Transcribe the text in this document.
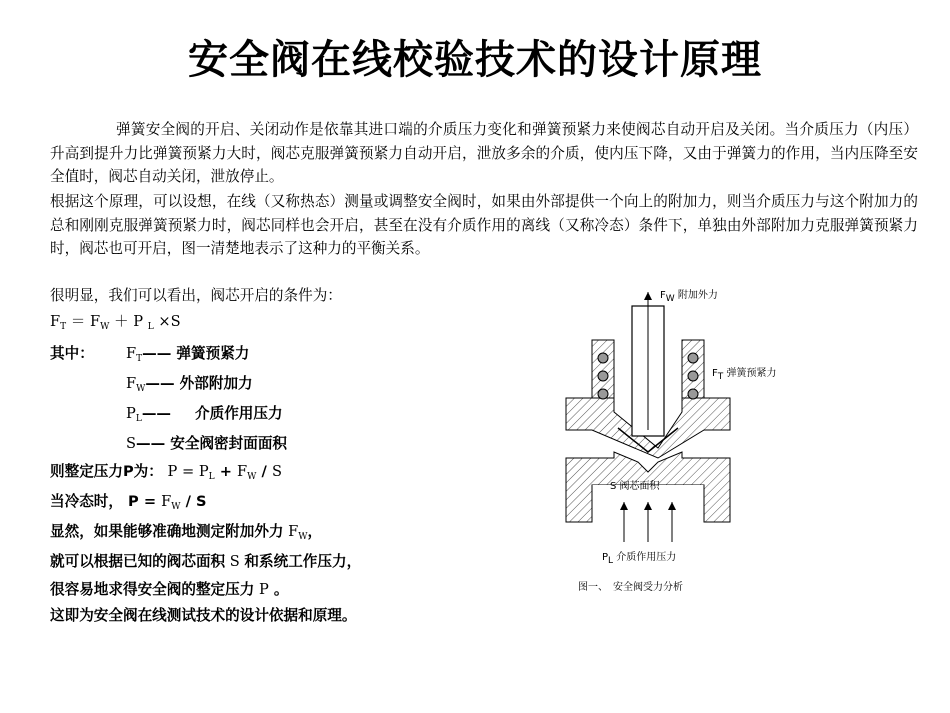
安全阀在线校验技术的设计原理
弹簧安全阀的开启、关闭动作是依靠其进口端的介质压力变化和弹簧预紧力来使阀芯自动开启及关闭。当介质压力（内压）升高到提升力比弹簧预紧力大时，阀芯克服弹簧预紧力自动开启，泄放多余的介质，使内压下降，又由于弹簧力的作用，当内压降至安全值时，阀芯自动关闭，泄放停止。
根据这个原理，可以设想，在线（又称热态）测量或调整安全阀时，如果由外部提供一个向上的附加力，则当介质压力与这个附加力的总和刚刚克服弹簧预紧力时，阀芯同样也会开启，甚至在没有介质作用的离线（又称冷态）条件下，单独由外部附加力克服弹簧预紧力时，阀芯也可开启，图一清楚地表示了这种力的平衡关系。
很明显，我们可以看出，阀芯开启的条件为：
$F_T = F_W + P$ $_L$ ×S
其中： $F_T——$ 弹簧预紧力
$F_W——$ 外部附加力
$P_L——$ 介质作用压力
S—— 安全阀密封面面积
则整定压力P为： $P = P_L + F_W / S$
当冷态时， $P = F_W / S$
显然，如果能够准确地测定附加外力 $F_W$，
就可以根据已知的阀芯面积 S 和系统工作压力，
很容易地求得安全阀的整定压力 P 。
这即为安全阀在线测试技术的设计依据和原理。
$F_W$ 附加外力
$F_T$ 弹簧预紧力
S 阀芯面积
$P_L$ 介质作用压力
图一、　安全阀受力分析
